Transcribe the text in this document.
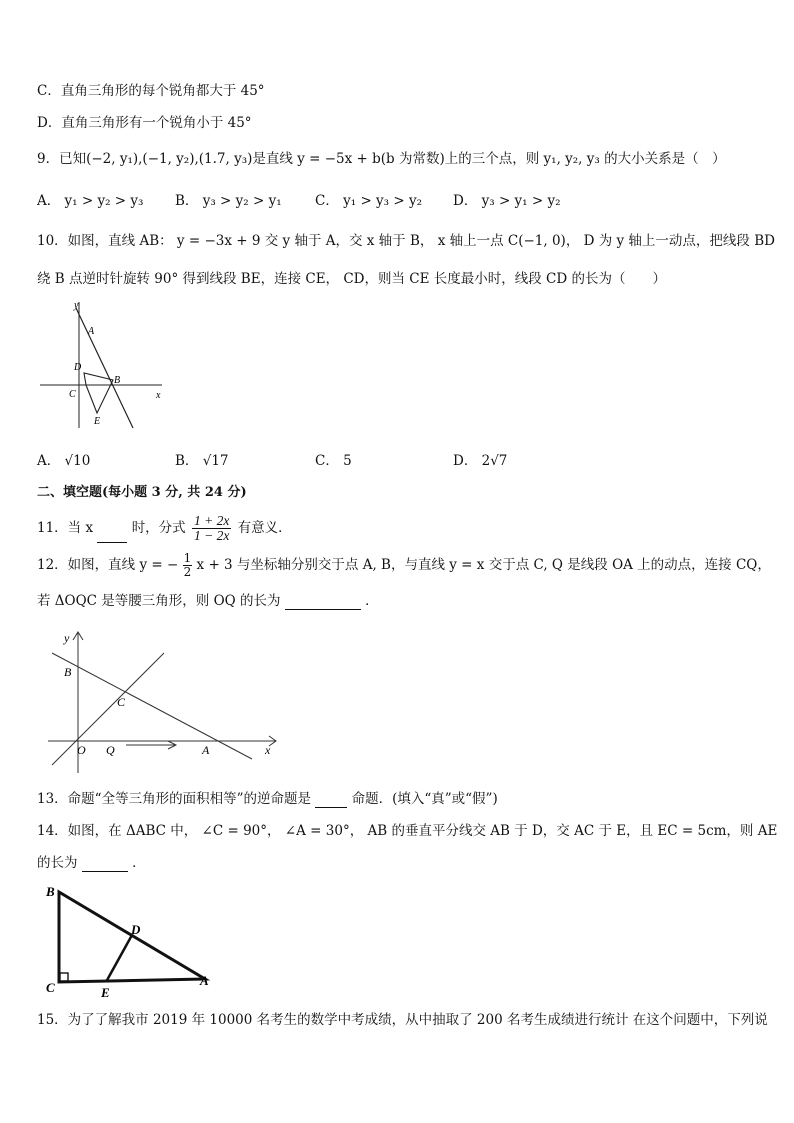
C．直角三角形的每个锐角都大于 45°
D．直角三角形有一个锐角小于 45°
9．已知(−2, y₁),(−1, y₂),(1.7, y₃)是直线 y = −5x + b(b 为常数)上的三个点，则 y₁, y₂, y₃ 的大小关系是（　）
A． y₁ > y₂ > y₃ B． y₃ > y₂ > y₁ C． y₁ > y₃ > y₂ D． y₃ > y₁ > y₂
10．如图，直线 AB： y = −3x + 9 交 y 轴于 A，交 x 轴于 B， x 轴上一点 C(−1, 0)， D 为 y 轴上一动点，把线段 BD
绕 B 点逆时针旋转 90° 得到线段 BE，连接 CE， CD，则当 CE 长度最小时，线段 CD 的长为（　　）
y
A
D
B
C	x
E
A． √10	B． √17	C． 5	D． 2√7
二、填空题(每小题 3 分, 共 24 分)
11．当 x	时，分式 $\frac{1 + 2x}{1 - 2x}$ 有意义．
12．如图，直线 y = − $\frac{1}{2}$ x + 3 与坐标轴分别交于点 A, B，与直线 y = x 交于点 C, Q 是线段 OA 上的动点，连接 CQ，
若 ΔOQC 是等腰三角形，则 OQ 的长为	．
y
B
C
O Q	A	x
13．命题“全等三角形的面积相等”的逆命题是	命题．(填入“真”或“假”)
14．如图，在 ΔABC 中， ∠C = 90°， ∠A = 30°， AB 的垂直平分线交 AB 于 D，交 AC 于 E，且 EC = 5cm，则 AE
的长为	．
B
D
C	E
A
15．为了了解我市 2019 年 10000 名考生的数学中考成绩，从中抽取了 200 名考生成绩进行统计 在这个问题中，下列说
